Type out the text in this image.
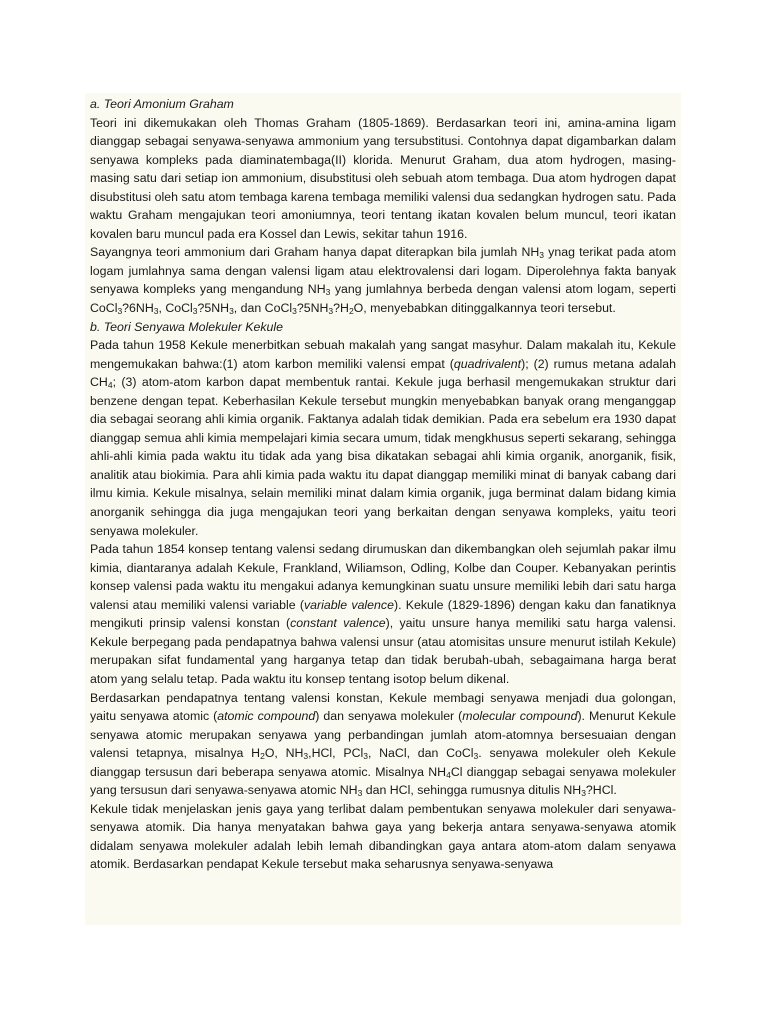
a. Teori Amonium Graham

Teori ini dikemukakan oleh Thomas Graham (1805-1869). Berdasarkan teori ini, amina-amina ligam dianggap sebagai senyawa-senyawa ammonium yang tersubstitusi. Contohnya dapat digambarkan dalam senyawa kompleks pada diaminatembaga(II) klorida. Menurut Graham, dua atom hydrogen, masing-masing satu dari setiap ion ammonium, disubstitusi oleh sebuah atom tembaga. Dua atom hydrogen dapat disubstitusi oleh satu atom tembaga karena tembaga memiliki valensi dua sedangkan hydrogen satu. Pada waktu Graham mengajukan teori amoniumnya, teori tentang ikatan kovalen belum muncul, teori ikatan kovalen baru muncul pada era Kossel dan Lewis, sekitar tahun 1916.

Sayangnya teori ammonium dari Graham hanya dapat diterapkan bila jumlah $NH_3$ ynag terikat pada atom logam jumlahnya sama dengan valensi ligam atau elektrovalensi dari logam. Diperolehnya fakta banyak senyawa kompleks yang mengandung $NH_3$ yang jumlahnya berbeda dengan valensi atom logam, seperti $CoCl_3?6NH_3$, $CoCl_3?5NH_3$, dan $CoCl_3?5NH_3?H_2O$, menyebabkan ditinggalkannya teori tersebut.

b. Teori Senyawa Molekuler Kekule

Pada tahun 1958 Kekule menerbitkan sebuah makalah yang sangat masyhur. Dalam makalah itu, Kekule mengemukakan bahwa:(1) atom karbon memiliki valensi empat (quadrivalent); (2) rumus metana adalah $CH_4$; (3) atom-atom karbon dapat membentuk rantai. Kekule juga berhasil mengemukakan struktur dari benzene dengan tepat. Keberhasilan Kekule tersebut mungkin menyebabkan banyak orang menganggap dia sebagai seorang ahli kimia organik. Faktanya adalah tidak demikian. Pada era sebelum era 1930 dapat dianggap semua ahli kimia mempelajari kimia secara umum, tidak mengkhusus seperti sekarang, sehingga ahli-ahli kimia pada waktu itu tidak ada yang bisa dikatakan sebagai ahli kimia organik, anorganik, fisik, analitik atau biokimia. Para ahli kimia pada waktu itu dapat dianggap memiliki minat di banyak cabang dari ilmu kimia. Kekule misalnya, selain memiliki minat dalam kimia organik, juga berminat dalam bidang kimia anorganik sehingga dia juga mengajukan teori yang berkaitan dengan senyawa kompleks, yaitu teori senyawa molekuler.

Pada tahun 1854 konsep tentang valensi sedang dirumuskan dan dikembangkan oleh sejumlah pakar ilmu kimia, diantaranya adalah Kekule, Frankland, Wiliamson, Odling, Kolbe dan Couper. Kebanyakan perintis konsep valensi pada waktu itu mengakui adanya kemungkinan suatu unsure memiliki lebih dari satu harga valensi atau memiliki valensi variable (variable valence). Kekule (1829-1896) dengan kaku dan fanatiknya mengikuti prinsip valensi konstan (constant valence), yaitu unsure hanya memiliki satu harga valensi. Kekule berpegang pada pendapatnya bahwa valensi unsur (atau atomisitas unsure menurut istilah Kekule) merupakan sifat fundamental yang harganya tetap dan tidak berubah-ubah, sebagaimana harga berat atom yang selalu tetap. Pada waktu itu konsep tentang isotop belum dikenal.

Berdasarkan pendapatnya tentang valensi konstan, Kekule membagi senyawa menjadi dua golongan, yaitu senyawa atomic (atomic compound) dan senyawa molekuler (molecular compound). Menurut Kekule senyawa atomic merupakan senyawa yang perbandingan jumlah atom-atomnya bersesuaian dengan valensi tetapnya, misalnya $H_2O$, $NH_3,HCl$, PCl$_3$, NaCl, dan CoCl$_3$. senyawa molekuler oleh Kekule dianggap tersusun dari beberapa senyawa atomic. Misalnya $NH_4Cl$ dianggap sebagai senyawa molekuler yang tersusun dari senyawa-senyawa atomic $NH_3$ dan HCl, sehingga rumusnya ditulis $NH_3?HCl$.

Kekule tidak menjelaskan jenis gaya yang terlibat dalam pembentukan senyawa molekuler dari senyawa-senyawa atomik. Dia hanya menyatakan bahwa gaya yang bekerja antara senyawa-senyawa atomik didalam senyawa molekuler adalah lebih lemah dibandingkan gaya antara atom-atom dalam senyawa atomik. Berdasarkan pendapat Kekule tersebut maka seharusnya senyawa-senyawa
